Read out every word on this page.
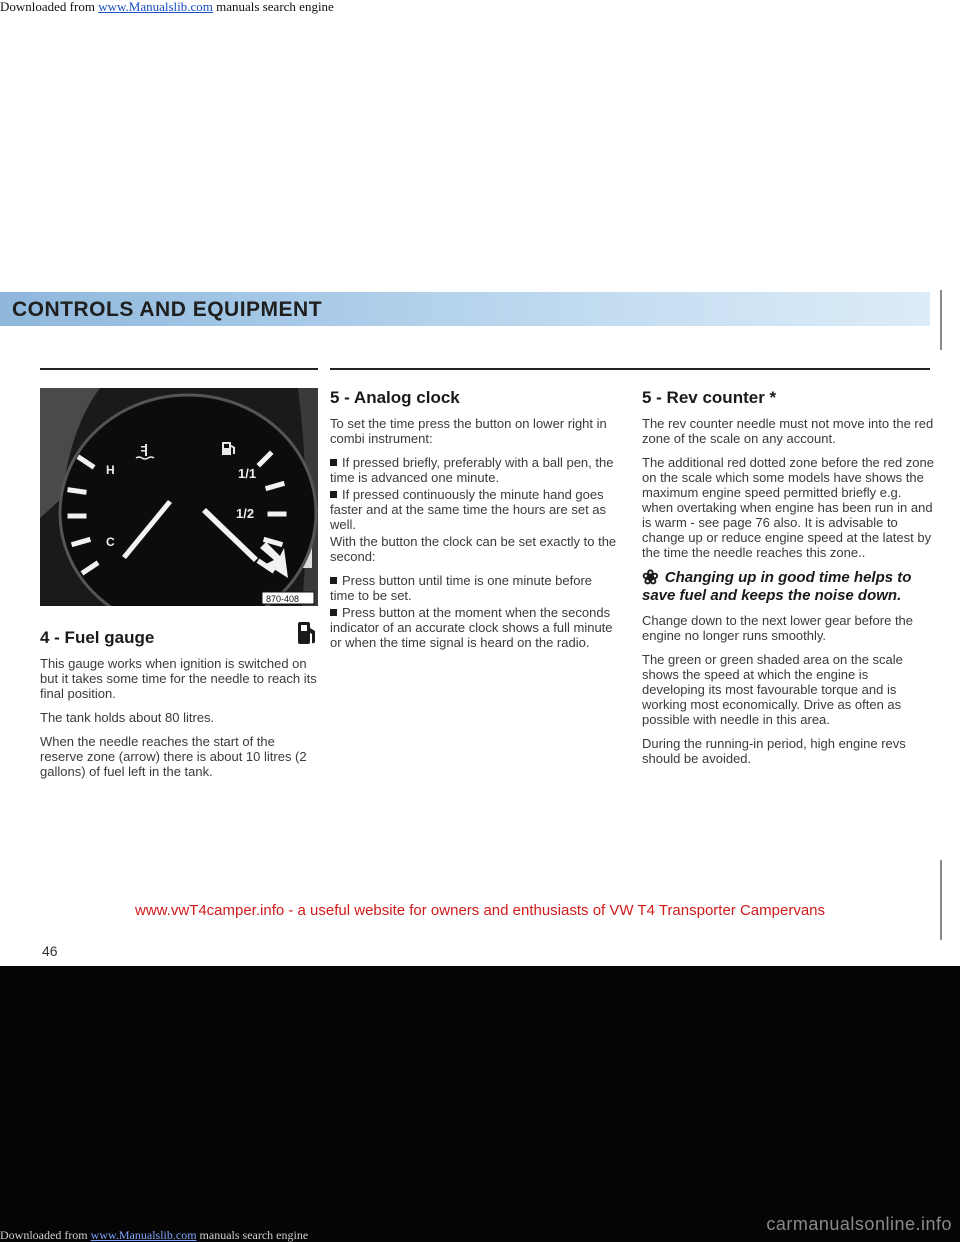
Downloaded from www.Manualslib.com manuals search engine
CONTROLS AND EQUIPMENT
H
C
1/1
1/2
870-408
4 - Fuel gauge

This gauge works when ignition is switched on but it takes some time for the needle to reach its final position.

The tank holds about 80 litres.

When the needle reaches the start of the reserve zone (arrow) there is about 10 litres (2 gallons) of fuel left in the tank.

5 - Analog clock

To set the time press the button on lower right in combi instrument:

If pressed briefly, preferably with a ball pen, the time is advanced one minute.

If pressed continuously the minute hand goes faster and at the same time the hours are set as well.

With the button the clock can be set exactly to the second:

Press button until time is one minute before time to be set.

Press button at the moment when the seconds indicator of an accurate clock shows a full minute or when the time signal is heard on the radio.

5 - Rev counter *

The rev counter needle must not move into the red zone of the scale on any account.

The additional red dotted zone before the red zone on the scale which some models have shows the maximum engine speed permitted briefly e.g. when overtaking when engine has been run in and is warm - see page 76 also. It is advisable to change up or reduce engine speed at the latest by the time the needle reaches this zone..

❀ Changing up in good time helps to save fuel and keeps the noise down.

Change down to the next lower gear before the engine no longer runs smoothly.

The green or green shaded area on the scale shows the speed at which the engine is developing its most favourable torque and is working most economically. Drive as often as possible with needle in this area.

During the running-in period, high engine revs should be avoided.

www.vwT4camper.info - a useful website for owners and enthusiasts of VW T4 Transporter Campervans
46
carmanualsonline.info
Downloaded from www.Manualslib.com manuals search engine
